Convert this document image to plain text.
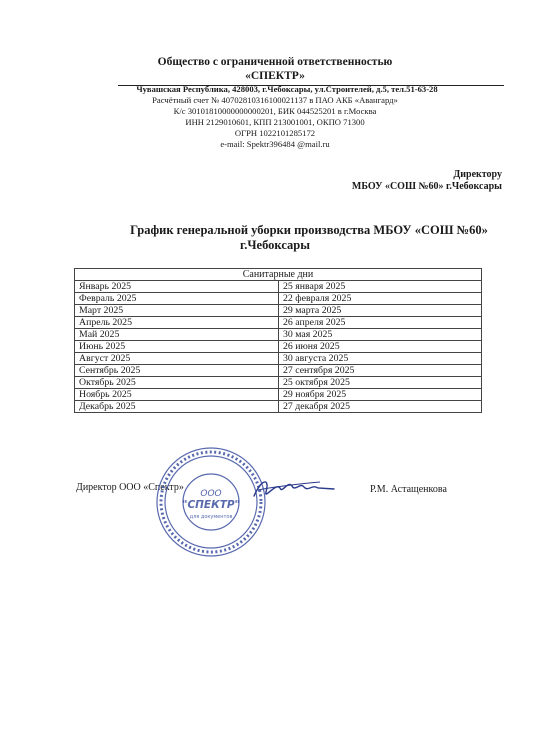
Общество с ограниченной ответственностью
«СПЕКТР»
Чувашская Республика, 428003, г.Чебоксары, ул.Строителей, д.5, тел.51-63-28
Расчётный счет № 40702810316100021137 в ПАО АКБ «Авангард»
К/с 30101810000000000201, БИК 044525201 в г.Москва
ИНН 2129010601, КПП 213001001, ОКПО 71300
ОГРН 1022101285172
e-mail: Spektr396484 @mail.ru
Директору
МБОУ «СОШ №60» г.Чебоксары
График генеральной уборки производства МБОУ «СОШ №60»
г.Чебоксары
Санитарные дни	
Январь 2025	25 января 2025
Февраль 2025	22 февраля 2025
Март 2025	29 марта 2025
Апрель 2025	26 апреля 2025
Май 2025	30 мая 2025
Июнь 2025	26 июня 2025
Август 2025	30 августа 2025
Сентябрь 2025	27 сентября 2025
Октябрь 2025	25 октября 2025
Ноябрь 2025	29 ноября 2025
Декабрь 2025	27 декабря 2025
Директор ООО «Спектр»
ООО
"СПЕКТР"
для документов
Р.М. Астащенкова
